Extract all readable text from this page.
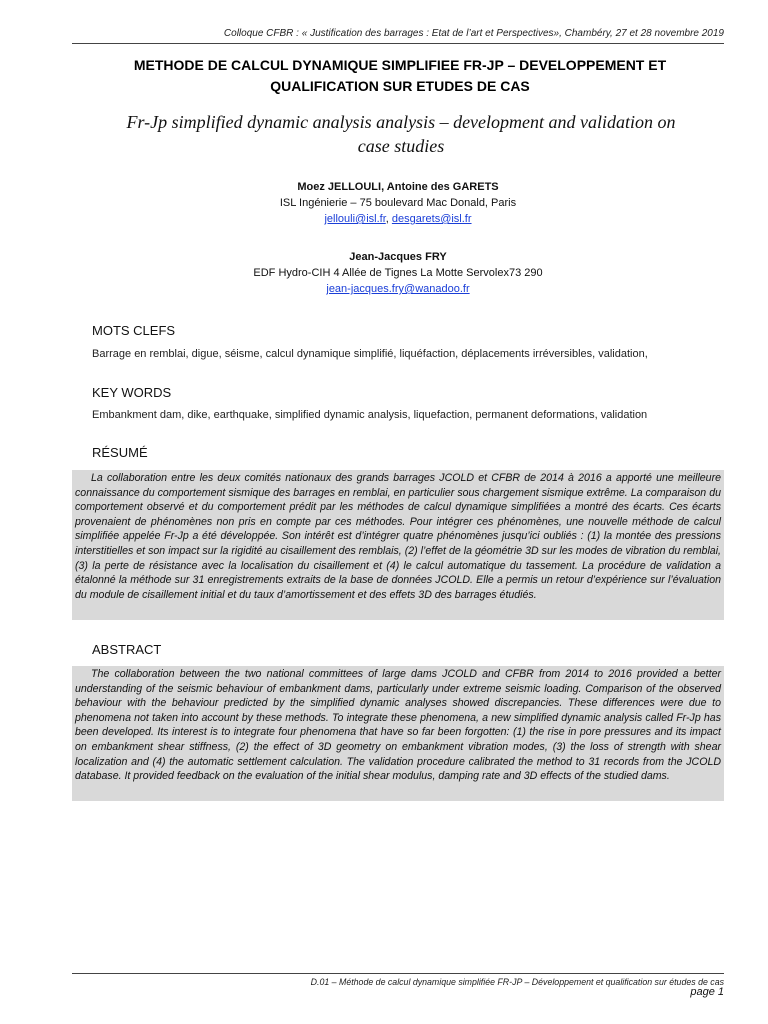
Colloque CFBR : « Justification des barrages : Etat de l’art et Perspectives», Chambéry, 27 et 28 novembre 2019
METHODE DE CALCUL DYNAMIQUE SIMPLIFIEE FR-JP – DEVELOPPEMENT ET
QUALIFICATION SUR ETUDES DE CAS
Fr-Jp simplified dynamic analysis analysis – development and validation on
case studies
Moez JELLOULI, Antoine des GARETS
ISL Ingénierie – 75 boulevard Mac Donald, Paris
jellouli@isl.fr, desgarets@isl.fr
Jean-Jacques FRY
EDF Hydro-CIH 4 Allée de Tignes La Motte Servolex73 290
jean-jacques.fry@wanadoo.fr
MOTS CLEFS
Barrage en remblai, digue, séisme, calcul dynamique simplifié, liquéfaction, déplacements irréversibles, validation,
KEY WORDS
Embankment dam, dike, earthquake, simplified dynamic analysis, liquefaction, permanent deformations, validation
RÉSUMÉ
La collaboration entre les deux comités nationaux des grands barrages JCOLD et CFBR de 2014 à 2016 a apporté une meilleure connaissance du comportement sismique des barrages en remblai, en particulier sous chargement sismique extrême. La comparaison du comportement observé et du comportement prédit par les méthodes de calcul dynamique simplifiées a montré des écarts. Ces écarts provenaient de phénomènes non pris en compte par ces méthodes. Pour intégrer ces phénomènes, une nouvelle méthode de calcul simplifiée appelée Fr-Jp a été développée. Son intérêt est d’intégrer quatre phénomènes jusqu’ici oubliés : (1) la montée des pressions interstitielles et son impact sur la rigidité au cisaillement des remblais, (2) l’effet de la géométrie 3D sur les modes de vibration du remblai, (3) la perte de résistance avec la localisation du cisaillement et (4) le calcul automatique du tassement. La procédure de validation a étalonné la méthode sur 31 enregistrements extraits de la base de données JCOLD. Elle a permis un retour d’expérience sur l’évaluation du module de cisaillement initial et du taux d’amortissement et des effets 3D des barrages étudiés.
ABSTRACT
The collaboration between the two national committees of large dams JCOLD and CFBR from 2014 to 2016 provided a better understanding of the seismic behaviour of embankment dams, particularly under extreme seismic loading. Comparison of the observed behaviour with the behaviour predicted by the simplified dynamic analyses showed discrepancies. These differences were due to phenomena not taken into account by these methods. To integrate these phenomena, a new simplified dynamic analysis called Fr-Jp has been developed. Its interest is to integrate four phenomena that have so far been forgotten: (1) the rise in pore pressures and its impact on embankment shear stiffness, (2) the effect of 3D geometry on embankment vibration modes, (3) the loss of strength with shear localization and (4) the automatic settlement calculation. The validation procedure calibrated the method to 31 records from the JCOLD database. It provided feedback on the evaluation of the initial shear modulus, damping rate and 3D effects of the studied dams.
D.01 – Méthode de calcul dynamique simplifiée FR-JP – Développement et qualification sur études de cas
page 1
